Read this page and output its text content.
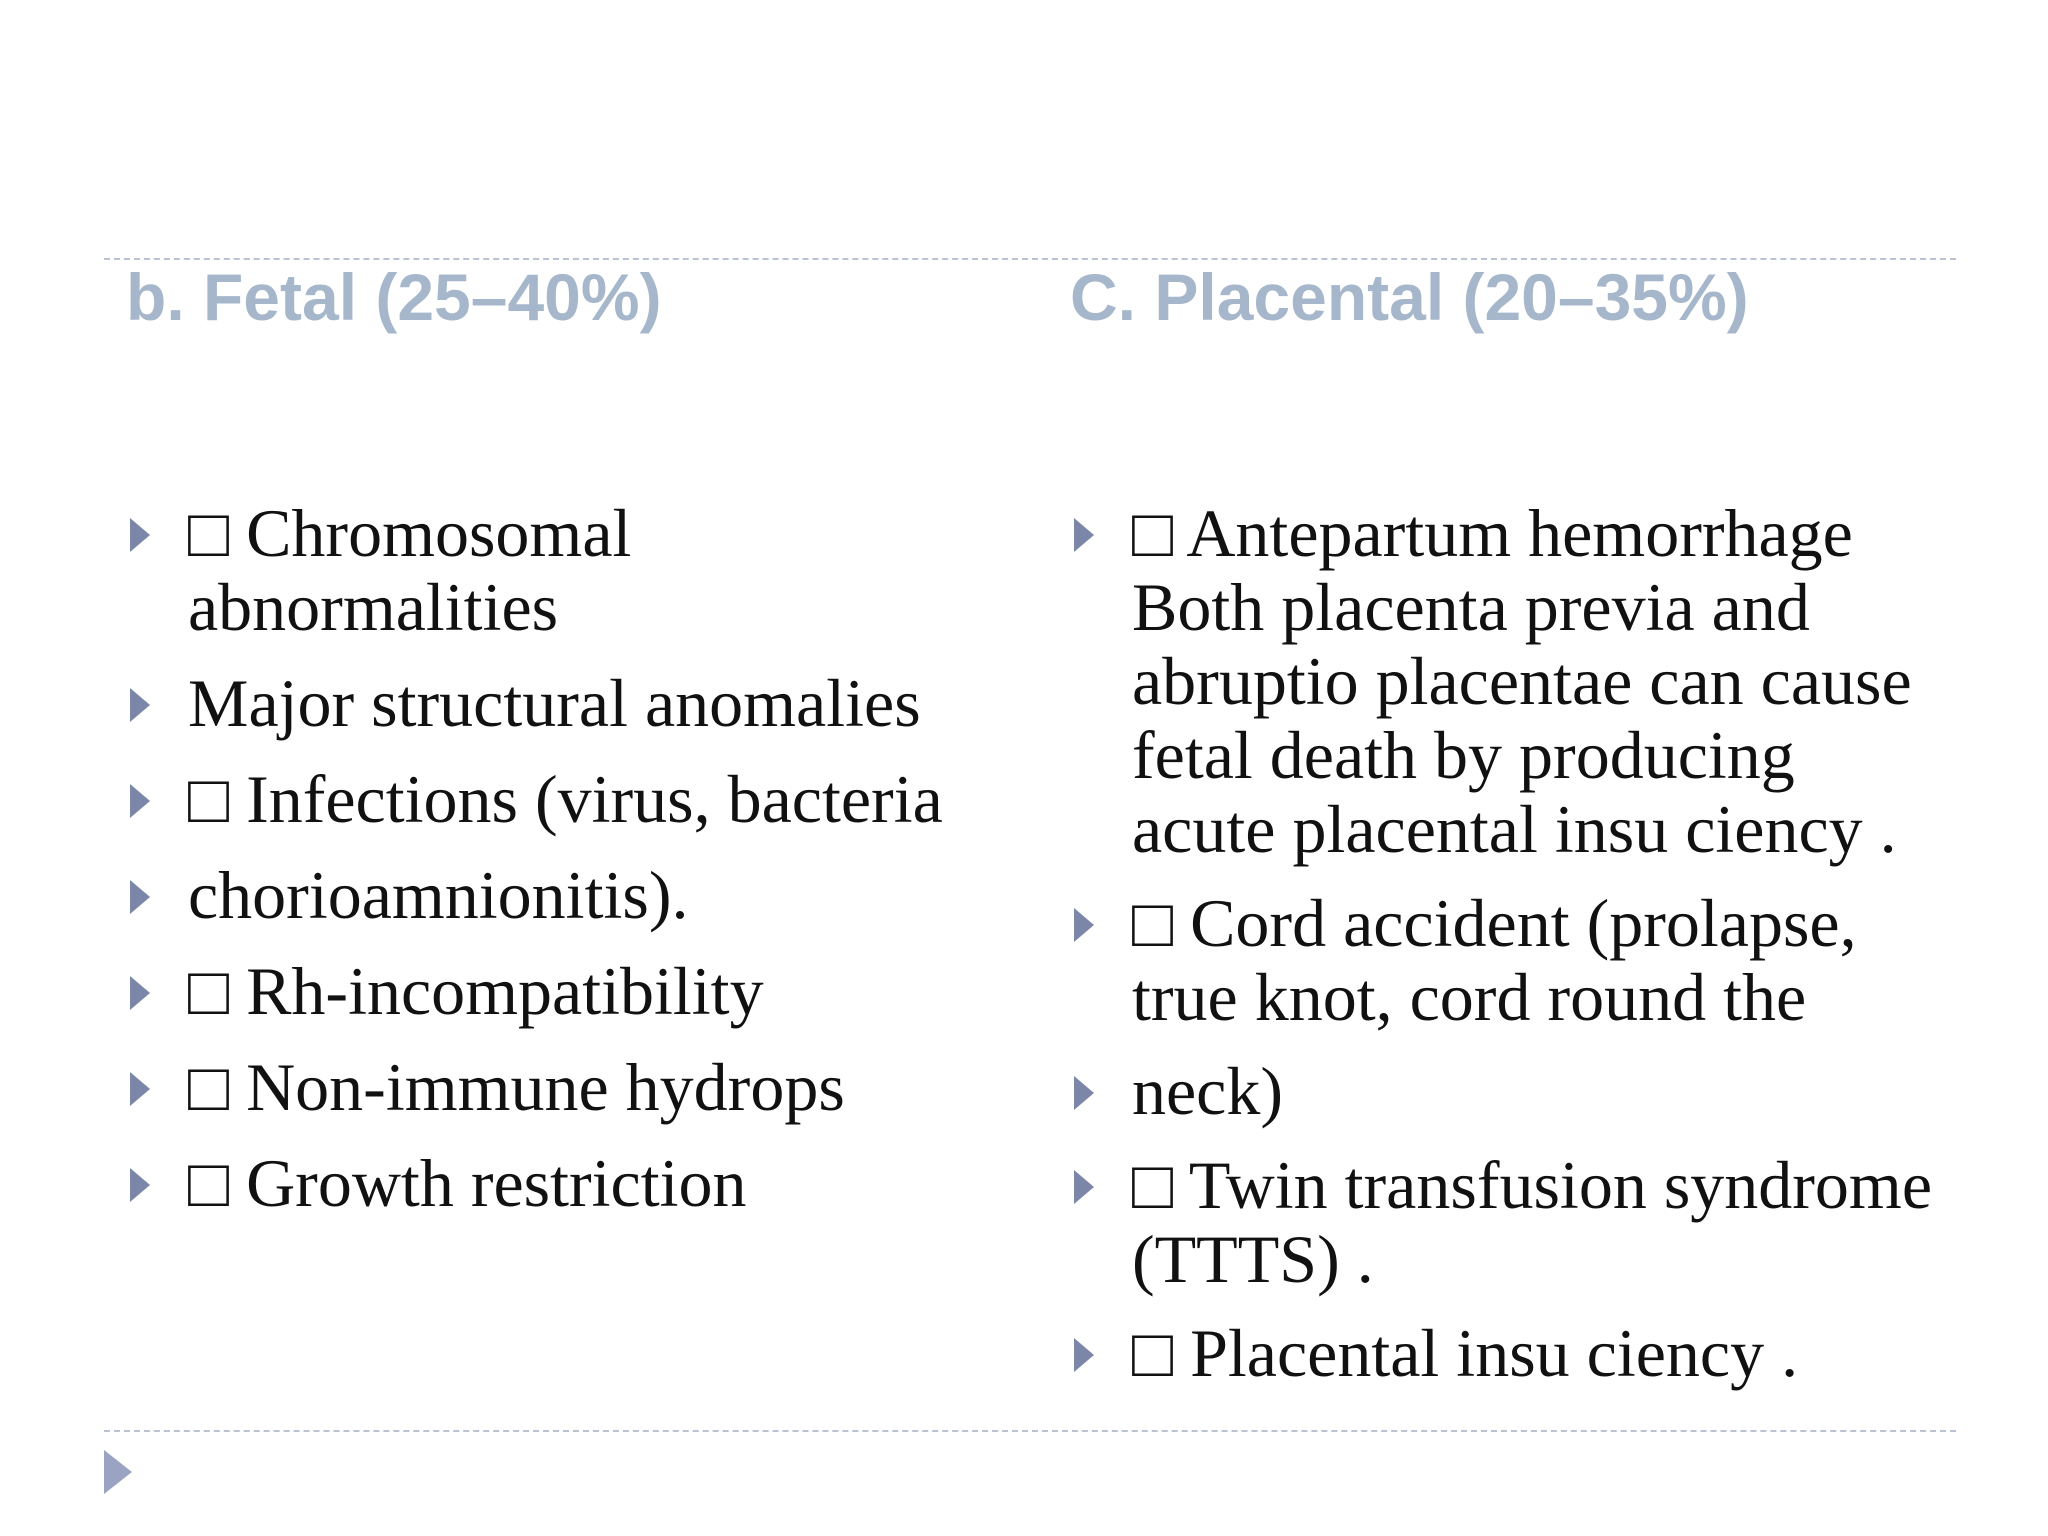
b. Fetal (25–40%)	C. Placental (20–35%)
□ Chromosomal abnormalities
Major structural anomalies
□ Infections (virus, bacteria
chorioamnionitis).
□ Rh-incompatibility
□ Non-immune hydrops
□ Growth restriction
□ Antepartum hemorrhage Both placenta previa and abruptio placentae can cause fetal death by producing acute placental insu ciency .
□ Cord accident (prolapse, true knot, cord round the
neck)
□ Twin transfusion syndrome (TTTS) .
□ Placental insu ciency .
